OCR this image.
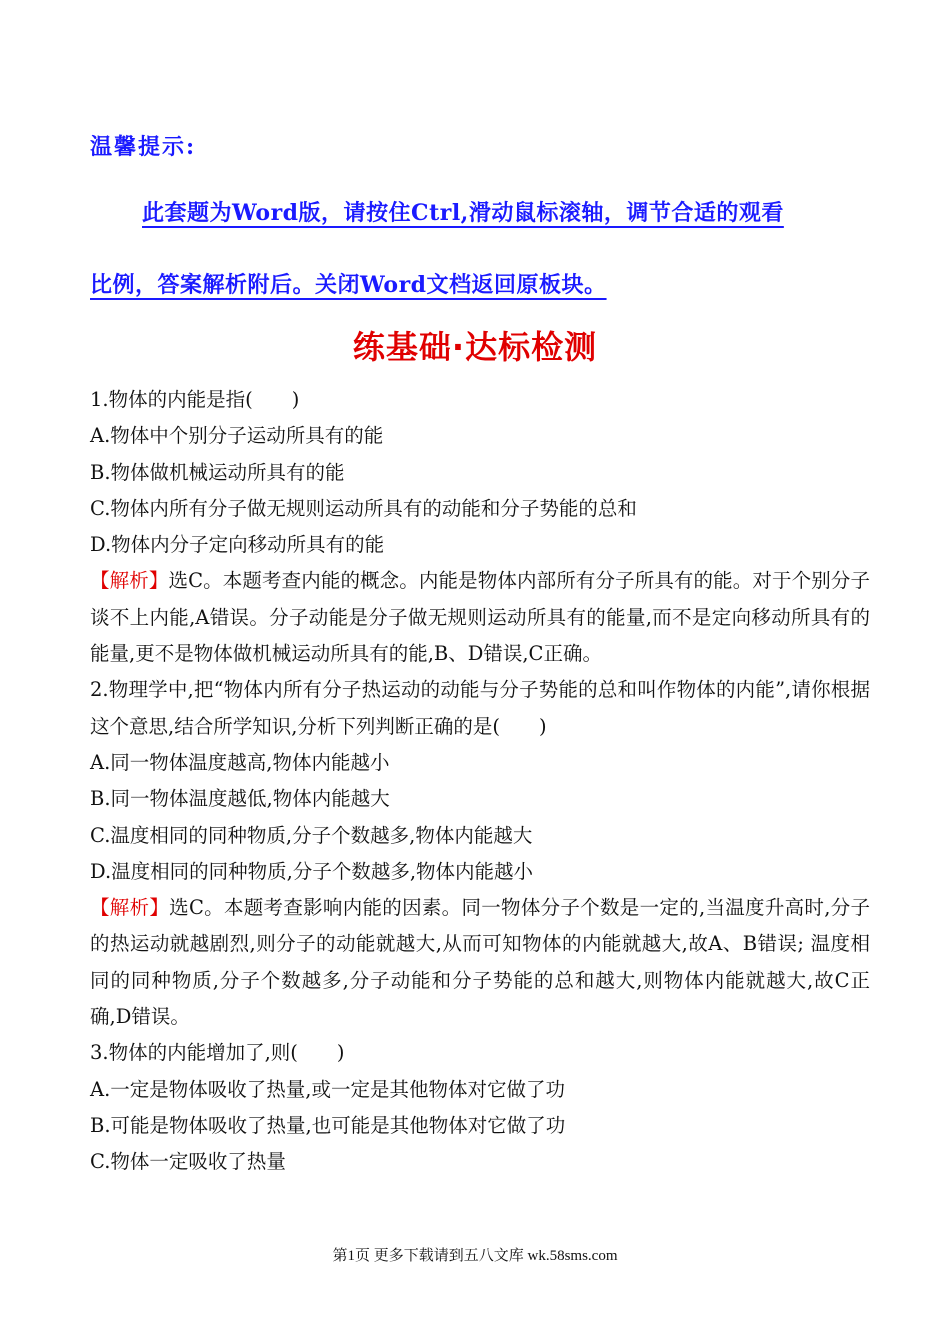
温馨提示:
此套题为Word版，请按住Ctrl,滑动鼠标滚轴，调节合适的观看
比例，答案解析附后。关闭Word文档返回原板块。
练基础·达标检测

1.物体的内能是指(　　)

A.物体中个别分子运动所具有的能

B.物体做机械运动所具有的能

C.物体内所有分子做无规则运动所具有的动能和分子势能的总和

D.物体内分子定向移动所具有的能

【解析】选C。本题考查内能的概念。内能是物体内部所有分子所具有的能。对于个别分子谈不上内能,A错误。分子动能是分子做无规则运动所具有的能量,而不是定向移动所具有的能量,更不是物体做机械运动所具有的能,B、D错误,C正确。

2.物理学中,把“物体内所有分子热运动的动能与分子势能的总和叫作物体的内能”,请你根据这个意思,结合所学知识,分析下列判断正确的是(　　)

A.同一物体温度越高,物体内能越小

B.同一物体温度越低,物体内能越大

C.温度相同的同种物质,分子个数越多,物体内能越大

D.温度相同的同种物质,分子个数越多,物体内能越小

【解析】选C。本题考查影响内能的因素。同一物体分子个数是一定的,当温度升高时,分子的热运动就越剧烈,则分子的动能就越大,从而可知物体的内能就越大,故A、B错误; 温度相同的同种物质,分子个数越多,分子动能和分子势能的总和越大,则物体内能就越大,故C正确,D错误。

3.物体的内能增加了,则(　　)

A.一定是物体吸收了热量,或一定是其他物体对它做了功

B.可能是物体吸收了热量,也可能是其他物体对它做了功

C.物体一定吸收了热量

第1页 更多下载请到五八文库 wk.58sms.com
